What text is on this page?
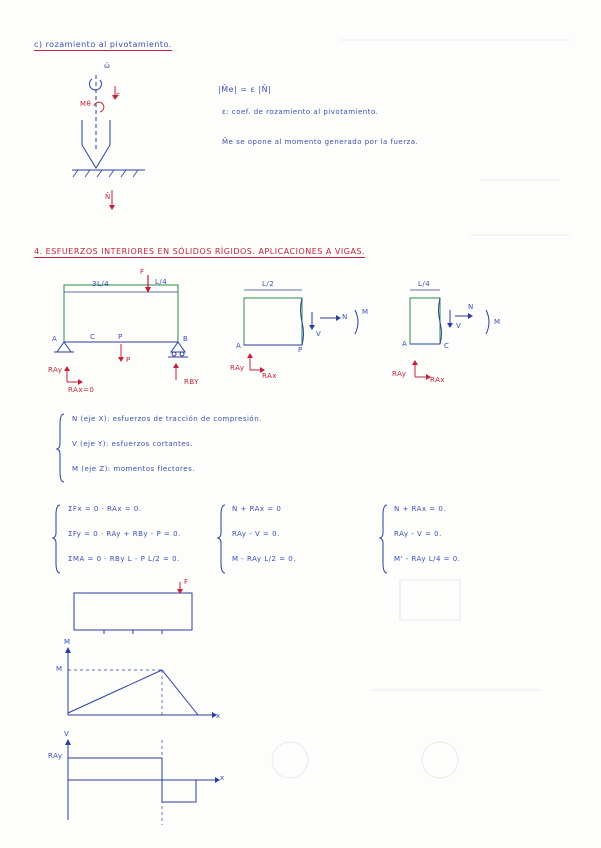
c) rozamiento al pivotamiento.
ω̄
F
Mθ
N̄
|M̄e| = ε |N̄|
ε: coef. de rozamiento al pivotamiento.
M̄e se opone al momento generado por la fuerza.
4. ESFUERZOS INTERIORES EN SÓLIDOS RÍGIDOS. APLICACIONES A VIGAS.
3L/4	L/4
F
A	C	P	B
P
RAy
RAx=0
RBY
L/2
A	P
N
V
M
RAy
RAx
L/4
A	C
N
V	M
RAy
RAx
N (eje X): esfuerzos de tracción de compresión.
V (eje Y): esfuerzos cortantes.
M (eje Z): momentos flectores.
ΣFx = 0 · RAx = 0.
ΣFy = 0 · RAy + RBy - P = 0.
ΣMA = 0 · RBy L - P L/2 = 0.
N + RAx = 0
RAy - V = 0.
M - RAy L/2 = 0.
N + RAx = 0.
RAy - V = 0.
M' - RAy L/4 = 0.
F
M
x
M
V
x
RAy
